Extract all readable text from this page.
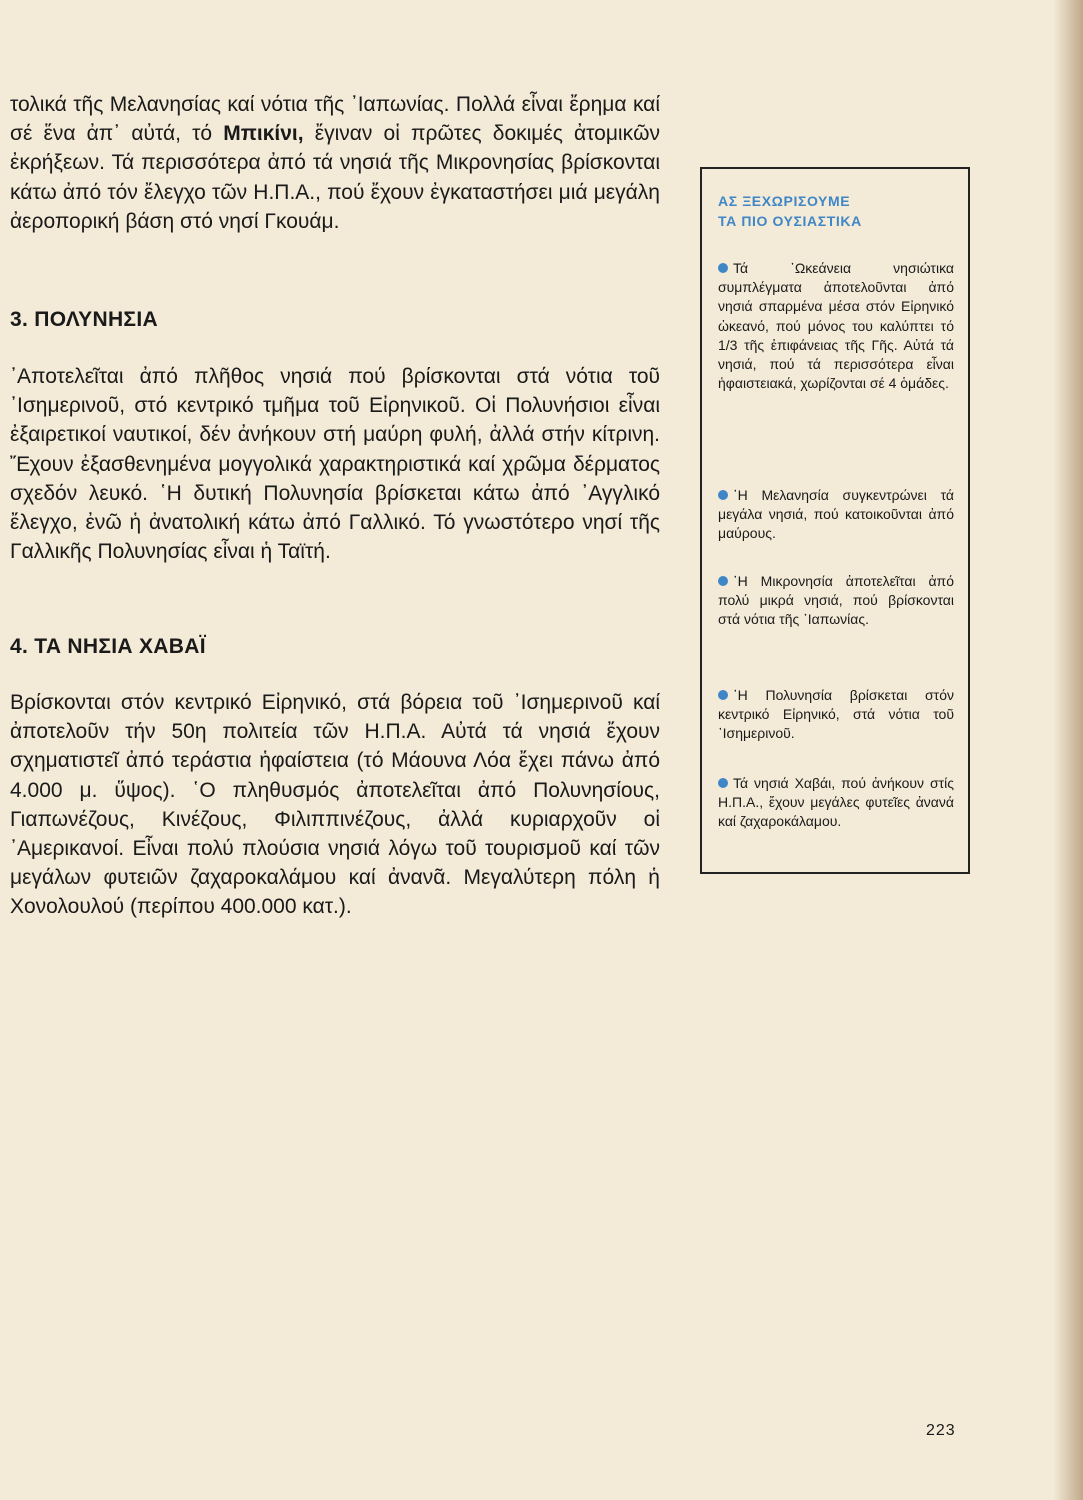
τολικά τῆς Μελανησίας καί νότια τῆς ᾿Ιαπωνίας. Πολλά εἶναι ἔρημα καί σέ ἕνα ἀπ᾿ αὐτά, τό Μπικίνι, ἔγιναν οἱ πρῶτες δοκιμές ἀτομικῶν ἐκρήξεων. Τά περισσότερα ἀπό τά νησιά τῆς Μικρονησίας βρίσκονται κάτω ἀπό τόν ἔλεγχο τῶν Η.Π.Α., πού ἔχουν ἐγκαταστήσει μιά μεγάλη ἀεροπορική βάση στό νησί Γκουάμ.

3. ΠΟΛΥΝΗΣΙΑ

᾿Αποτελεῖται ἀπό πλῆθος νησιά πού βρίσκονται στά νότια τοῦ ᾿Ισημερινοῦ, στό κεντρικό τμῆμα τοῦ Εἰρηνικοῦ. Οἱ Πολυνήσιοι εἶναι ἐξαιρετικοί ναυτικοί, δέν ἀνήκουν στή μαύρη φυλή, ἀλλά στήν κίτρινη. Ἔχουν ἐξασθενημένα μογγολικά χαρακτηριστικά καί χρῶμα δέρματος σχεδόν λευκό. ῾Η δυτική Πολυνησία βρίσκεται κάτω ἀπό ᾿Αγγλικό ἔλεγχο, ἐνῶ ἡ ἀνατολική κάτω ἀπό Γαλλικό. Τό γνωστότερο νησί τῆς Γαλλικῆς Πολυνησίας εἶναι ἡ Ταϊτή.

4. ΤΑ ΝΗΣΙΑ ΧΑΒΑΪ

Βρίσκονται στόν κεντρικό Εἰρηνικό, στά βόρεια τοῦ ᾿Ισημερινοῦ καί ἀποτελοῦν τήν 50η πολιτεία τῶν Η.Π.Α. Αὐτά τά νησιά ἔχουν σχηματιστεῖ ἀπό τεράστια ἡφαίστεια (τό Μάουνα Λόα ἔχει πάνω ἀπό 4.000 μ. ὕψος). ῾Ο πληθυσμός ἀποτελεῖται ἀπό Πολυνησίους, Γιαπωνέζους, Κινέζους, Φιλιππινέζους, ἀλλά κυριαρχοῦν οἱ ᾿Αμερικανοί. Εἶναι πολύ πλούσια νησιά λόγω τοῦ τουρισμοῦ καί τῶν μεγάλων φυτειῶν ζαχαροκαλάμου καί ἀνανᾶ. Μεγαλύτερη πόλη ἡ Χονολουλού (περίπου 400.000 κατ.).

ΑΣ ΞΕΧΩΡΙΣΟΥΜΕ
ΤΑ ΠΙΟ ΟΥΣΙΑΣΤΙΚΑ

Τά ᾿Ωκεάνεια νησιώτικα συμπλέγματα ἀποτελοῦνται ἀπό νησιά σπαρμένα μέσα στόν Εἰρηνικό ὠκεανό, πού μόνος του καλύπτει τό 1/3 τῆς ἐπιφάνειας τῆς Γῆς. Αὐτά τά νησιά, πού τά περισσότερα εἶναι ἡφαιστειακά, χωρίζονται σέ 4 ὁμάδες.

῾Η Μελανησία συγκεντρώνει τά μεγάλα νησιά, πού κατοικοῦνται ἀπό μαύρους.

῾Η Μικρονησία ἀποτελεῖται ἀπό πολύ μικρά νησιά, πού βρίσκονται στά νότια τῆς ᾿Ιαπωνίας.

῾Η Πολυνησία βρίσκεται στόν κεντρικό Εἰρηνικό, στά νότια τοῦ ᾿Ισημερινοῦ.

Τά νησιά Χαβάι, πού ἀνήκουν στίς Η.Π.Α., ἔχουν μεγάλες φυτεῖες ἀνανά καί ζαχαροκάλαμου.

223
